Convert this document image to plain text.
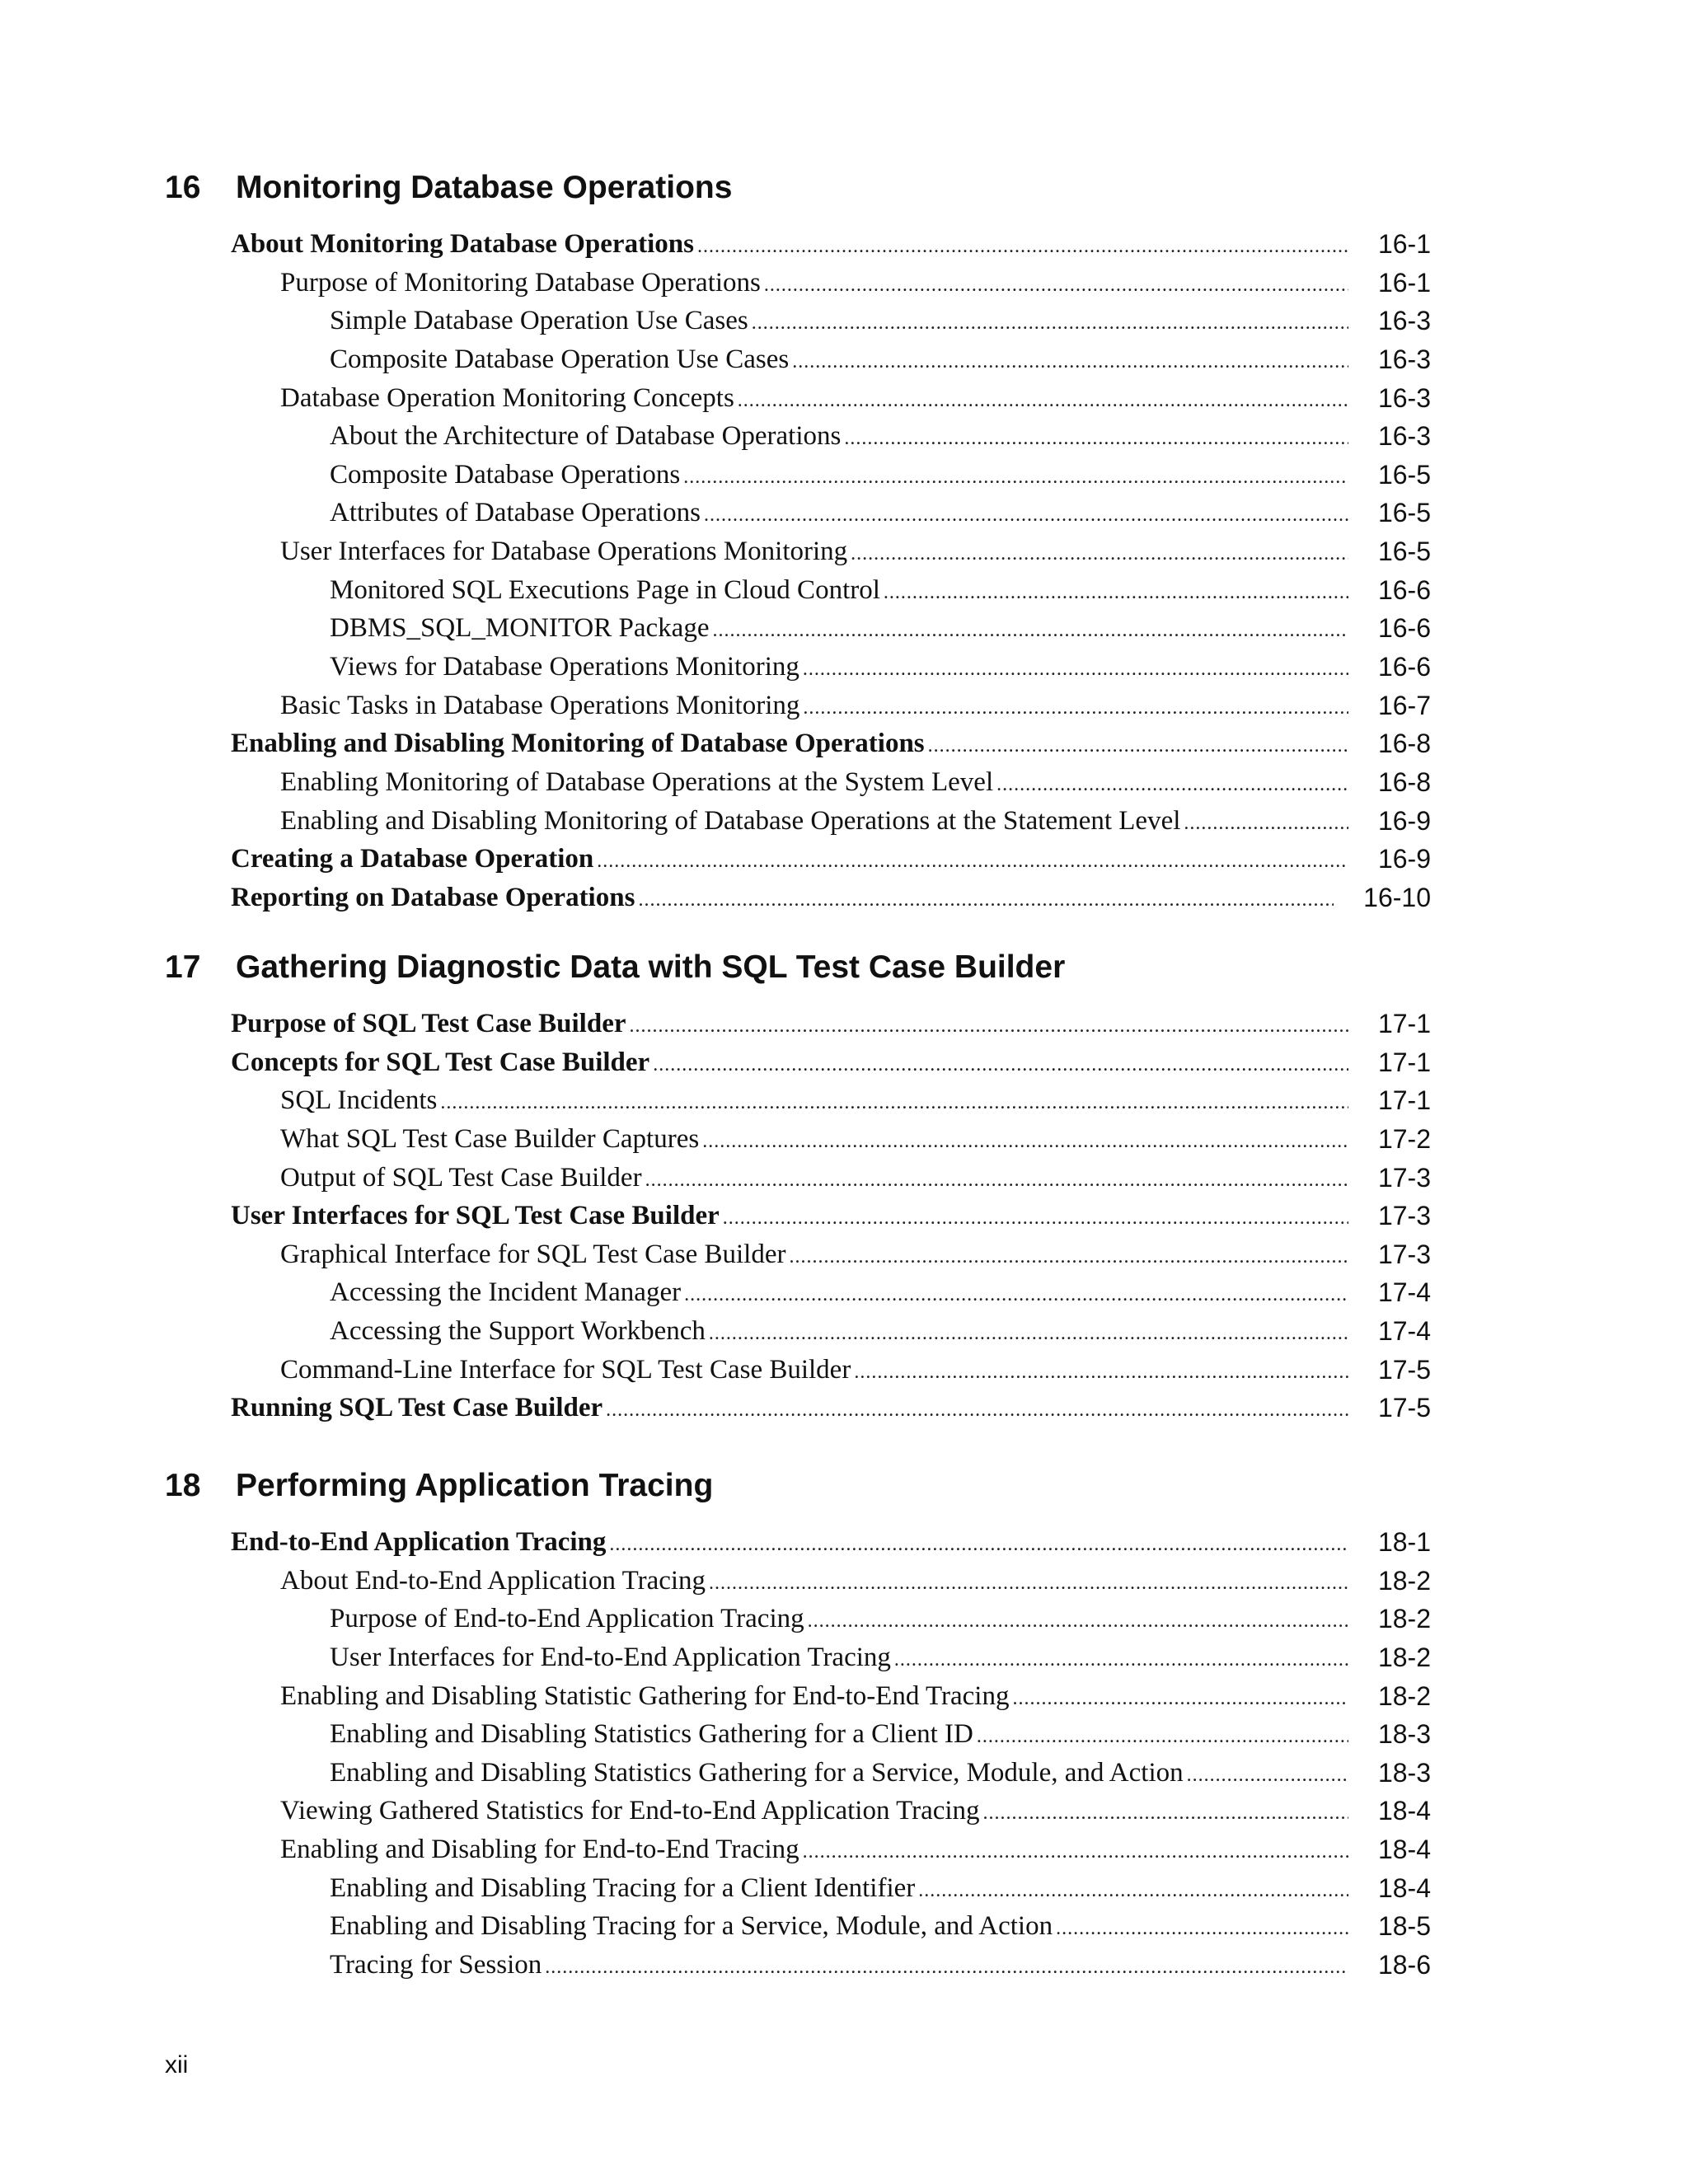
16 Monitoring Database Operations
About Monitoring Database Operations .....	16-1
Purpose of Monitoring Database Operations .....	16-1
Simple Database Operation Use Cases .....	16-3
Composite Database Operation Use Cases .....	16-3
Database Operation Monitoring Concepts .....	16-3
About the Architecture of Database Operations .....	16-3
Composite Database Operations .....	16-5
Attributes of Database Operations .....	16-5
User Interfaces for Database Operations Monitoring .....	16-5
Monitored SQL Executions Page in Cloud Control .....	16-6
DBMS_SQL_MONITOR Package .....	16-6
Views for Database Operations Monitoring .....	16-6
Basic Tasks in Database Operations Monitoring .....	16-7
Enabling and Disabling Monitoring of Database Operations .....	16-8
Enabling Monitoring of Database Operations at the System Level .....	16-8
Enabling and Disabling Monitoring of Database Operations at the Statement Level .....	16-9
Creating a Database Operation .....	16-9
Reporting on Database Operations .....	16-10
17 Gathering Diagnostic Data with SQL Test Case Builder
Purpose of SQL Test Case Builder .....	17-1
Concepts for SQL Test Case Builder .....	17-1
SQL Incidents .....	17-1
What SQL Test Case Builder Captures .....	17-2
Output of SQL Test Case Builder .....	17-3
User Interfaces for SQL Test Case Builder .....	17-3
Graphical Interface for SQL Test Case Builder .....	17-3
Accessing the Incident Manager .....	17-4
Accessing the Support Workbench .....	17-4
Command-Line Interface for SQL Test Case Builder .....	17-5
Running SQL Test Case Builder .....	17-5
18 Performing Application Tracing
End-to-End Application Tracing .....	18-1
About End-to-End Application Tracing .....	18-2
Purpose of End-to-End Application Tracing .....	18-2
User Interfaces for End-to-End Application Tracing .....	18-2
Enabling and Disabling Statistic Gathering for End-to-End Tracing .....	18-2
Enabling and Disabling Statistics Gathering for a Client ID .....	18-3
Enabling and Disabling Statistics Gathering for a Service, Module, and Action .....	18-3
Viewing Gathered Statistics for End-to-End Application Tracing .....	18-4
Enabling and Disabling for End-to-End Tracing .....	18-4
Enabling and Disabling Tracing for a Client Identifier .....	18-4
Enabling and Disabling Tracing for a Service, Module, and Action .....	18-5
Tracing for Session .....	18-6
xii
